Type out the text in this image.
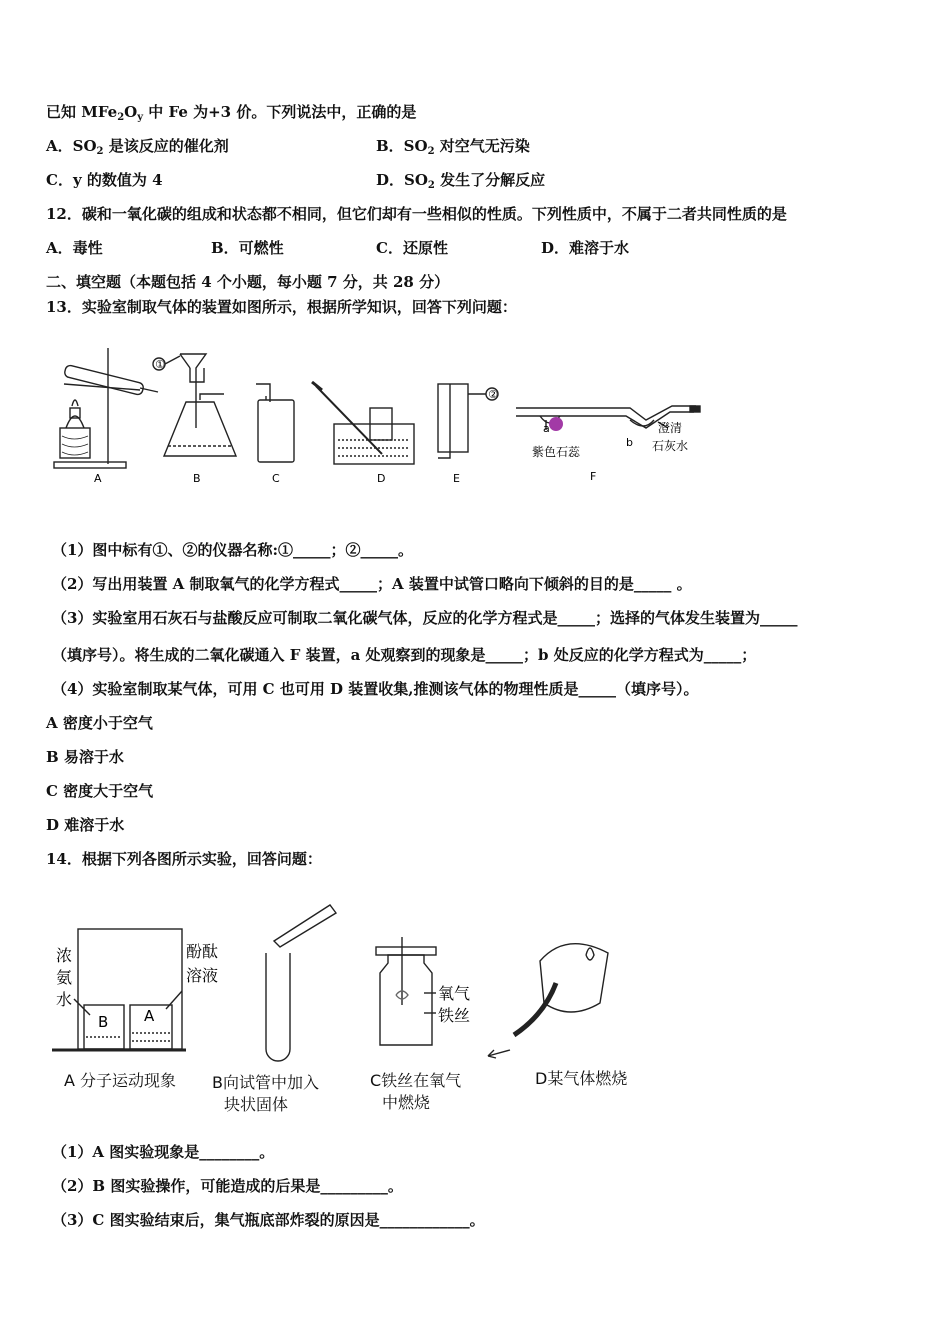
已知 $MFe_2O_y$ 中 Fe 为+3 价。下列说法中，正确的是
A．$SO_2$ 是该反应的催化剂	B．$SO_2$ 对空气无污染
C．y 的数值为 4	D．$SO_2$ 发生了分解反应
12．碳和一氧化碳的组成和状态都不相同，但它们却有一些相似的性质。下列性质中，不属于二者共同性质的是
A．毒性	B．可燃性	C．还原性	D．难溶于水
二、填空题（本题包括 4 个小题，每小题 7 分，共 28 分）
13．实验室制取气体的装置如图所示，根据所学知识，回答下列问题：
①
②
a
b
紫色石蕊
澄清
石灰水
A	B	C	D	E	F
（1）图中标有①、②的仪器名称:①_____；②_____。
（2）写出用装置 A 制取氧气的化学方程式_____；A 装置中试管口略向下倾斜的目的是_____ 。
（3）实验室用石灰石与盐酸反应可制取二氧化碳气体，反应的化学方程式是_____；选择的气体发生装置为_____
（填序号）。将生成的二氧化碳通入 F 装置，a 处观察到的现象是_____；b 处反应的化学方程式为_____；
（4）实验室制取某气体，可用 C 也可用 D 装置收集,推测该气体的物理性质是_____（填序号）。
A 密度小于空气
B 易溶于水
C 密度大于空气
D 难溶于水
14．根据下列各图所示实验，回答问题：
浓
氨
水
酚酞
溶液
B A
氧气
铁丝
A 分子运动现象 B向试管中加入
块状固体
C铁丝在氧气
中燃烧
D某气体燃烧
（1）A 图实验现象是________。
（2）B 图实验操作，可能造成的后果是_________。
（3）C 图实验结束后，集气瓶底部炸裂的原因是____________。
